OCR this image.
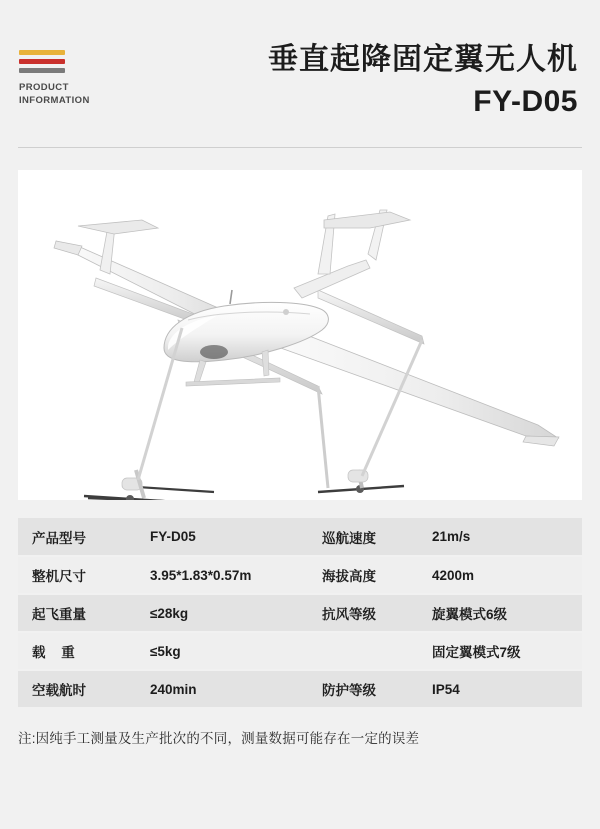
PRODUCT
INFORMATION
垂直起降固定翼无人机
FY-D05
产品型号	FY-D05	巡航速度	21m/s
整机尺寸	3.95*1.83*0.57m	海拔高度	4200m
起飞重量	≤28kg	抗风等级	旋翼模式6级
载 重	≤5kg		固定翼模式7级
空载航时	240min	防护等级	IP54
注:因纯手工测量及生产批次的不同，测量数据可能存在一定的误差
